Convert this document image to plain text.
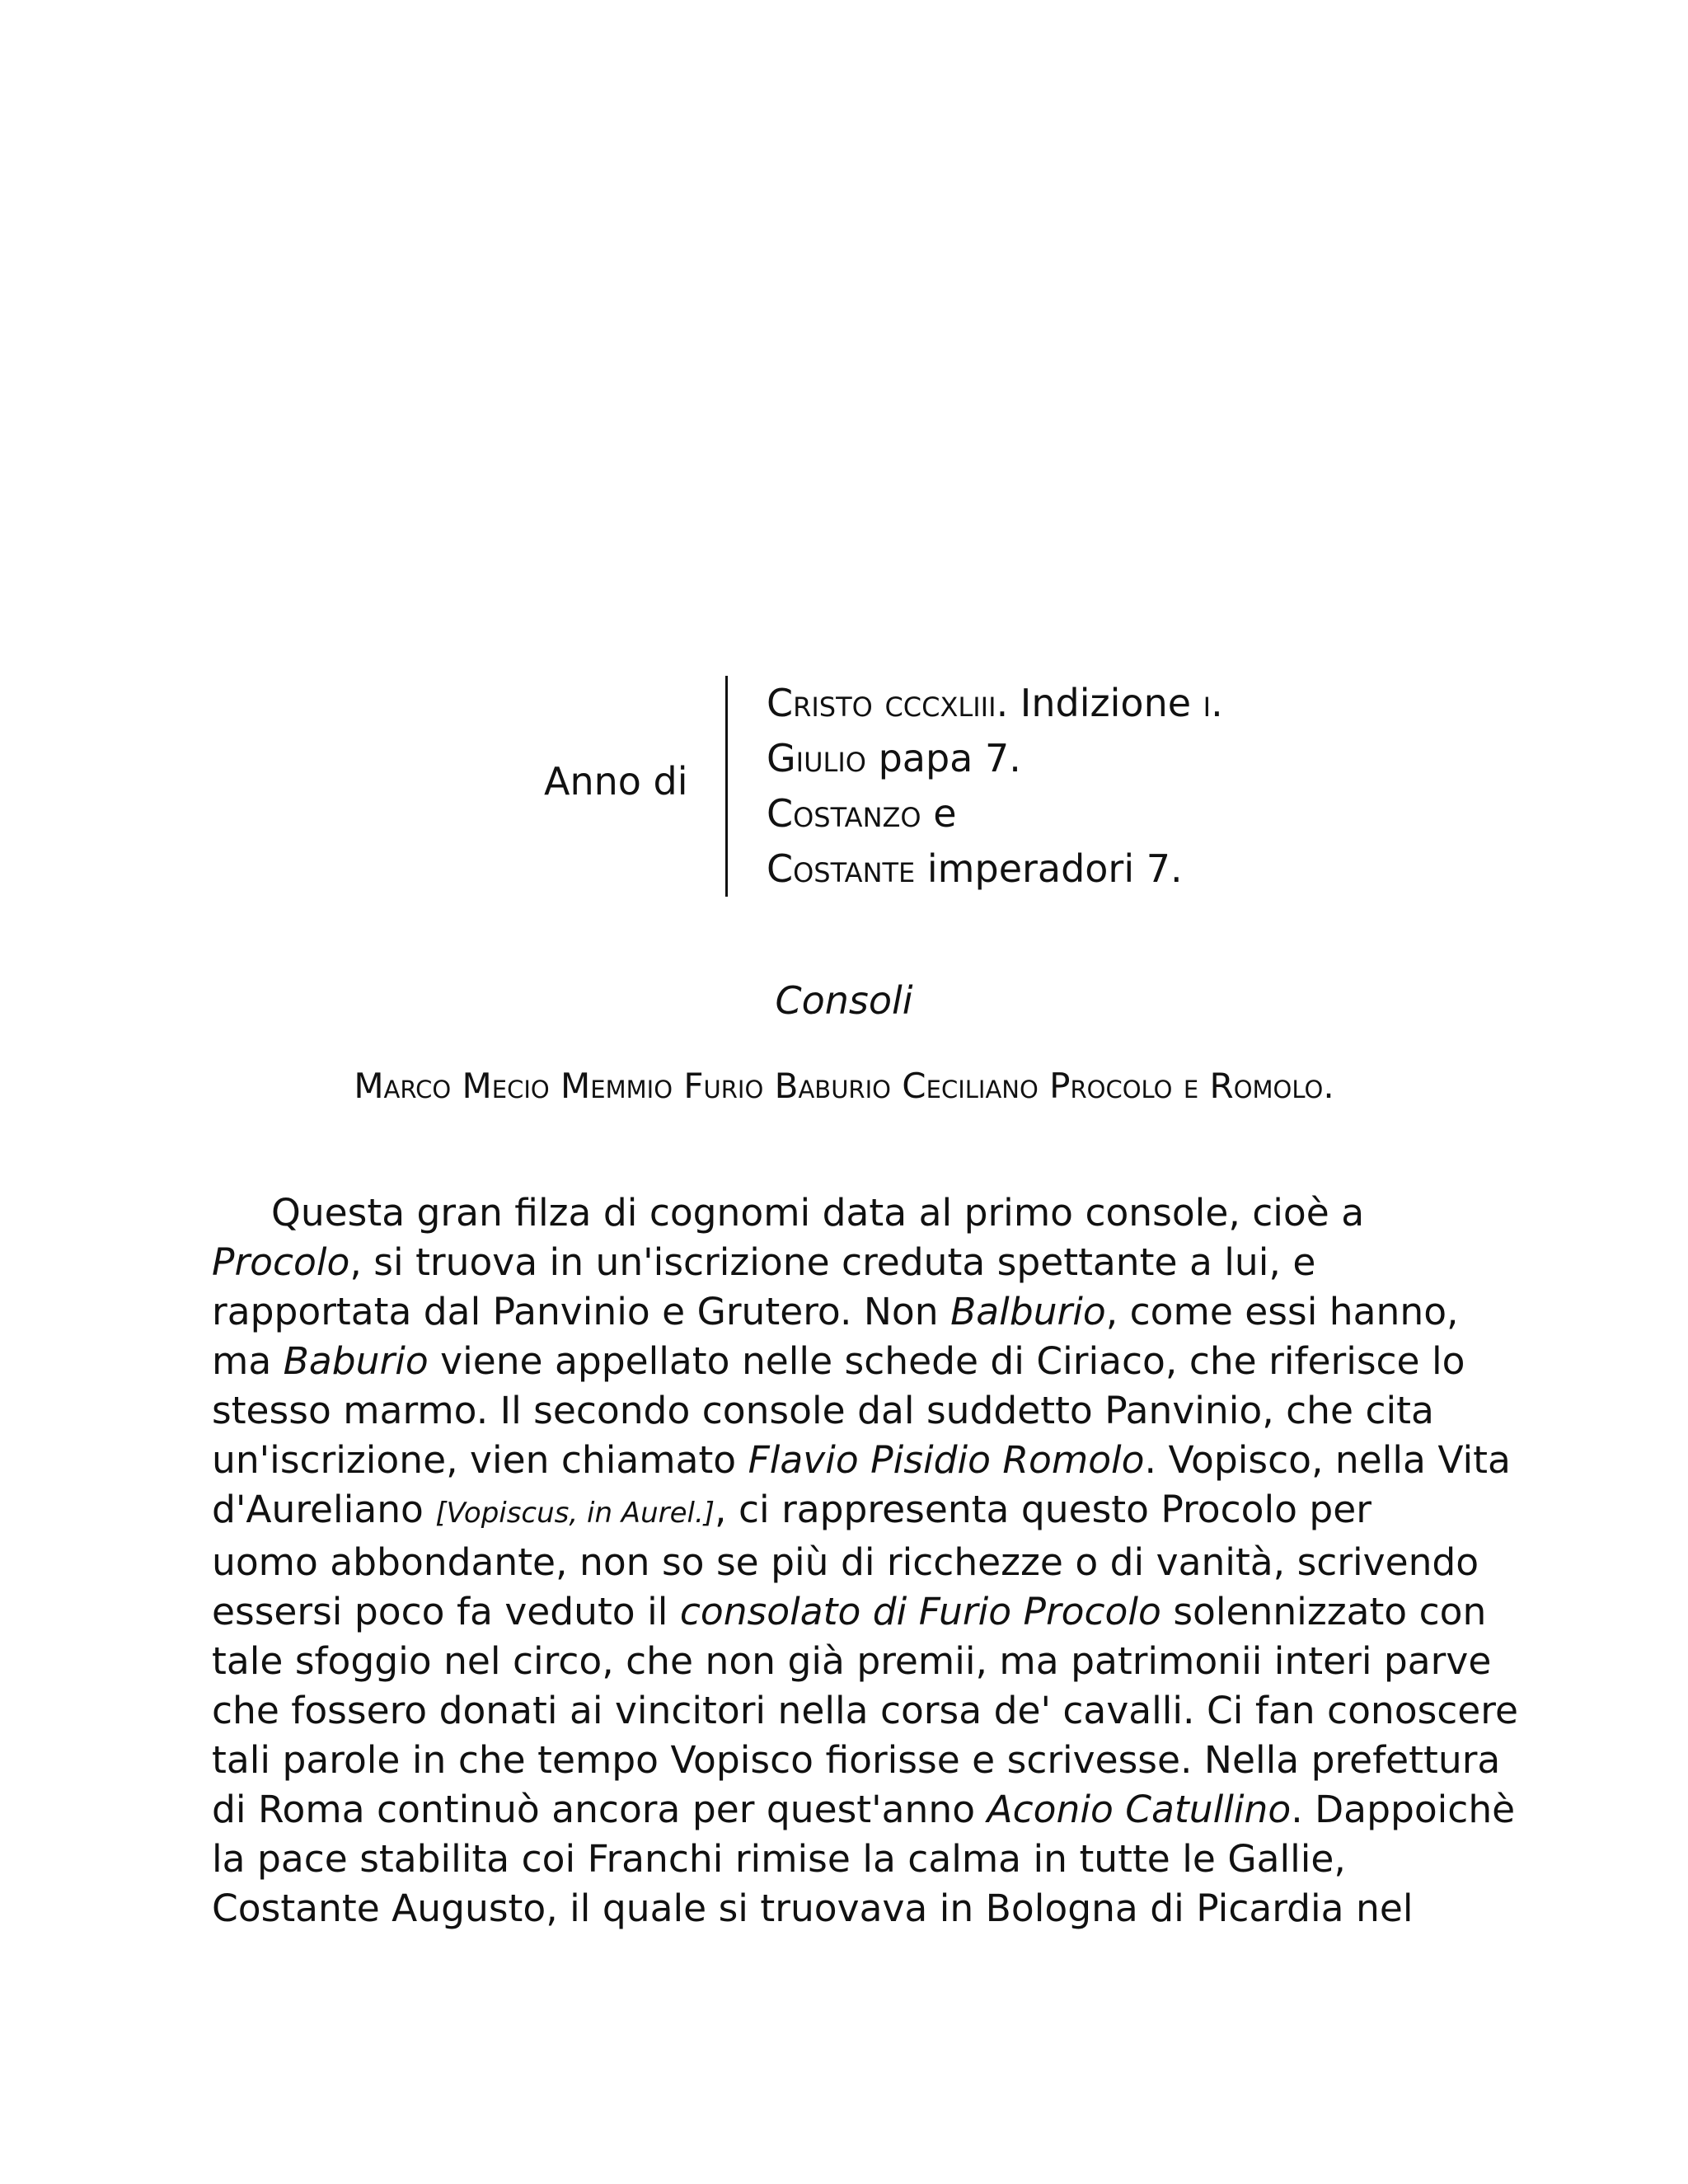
Anno di
Cristo cccxliii. Indizione i.
Giulio papa 7.
Costanzo e
Costante imperadori 7.
Consoli
Marco Mecio Memmio Furio Baburio Ceciliano Procolo e Romolo.
Questa gran filza di cognomi data al primo console, cioè a
Procolo, si truova in un'iscrizione creduta spettante a lui, e
rapportata dal Panvinio e Grutero. Non Balburio, come essi hanno,
ma Baburio viene appellato nelle schede di Ciriaco, che riferisce lo
stesso marmo. Il secondo console dal suddetto Panvinio, che cita
un'iscrizione, vien chiamato Flavio Pisidio Romolo. Vopisco, nella Vita
d'Aureliano [Vopiscus, in Aurel.], ci rappresenta questo Procolo per
uomo abbondante, non so se più di ricchezze o di vanità, scrivendo
essersi poco fa veduto il consolato di Furio Procolo solennizzato con
tale sfoggio nel circo, che non già premii, ma patrimonii interi parve
che fossero donati ai vincitori nella corsa de' cavalli. Ci fan conoscere
tali parole in che tempo Vopisco fiorisse e scrivesse. Nella prefettura
di Roma continuò ancora per quest'anno Aconio Catullino. Dappoichè
la pace stabilita coi Franchi rimise la calma in tutte le Gallie,
Costante Augusto, il quale si truovava in Bologna di Picardia nel
